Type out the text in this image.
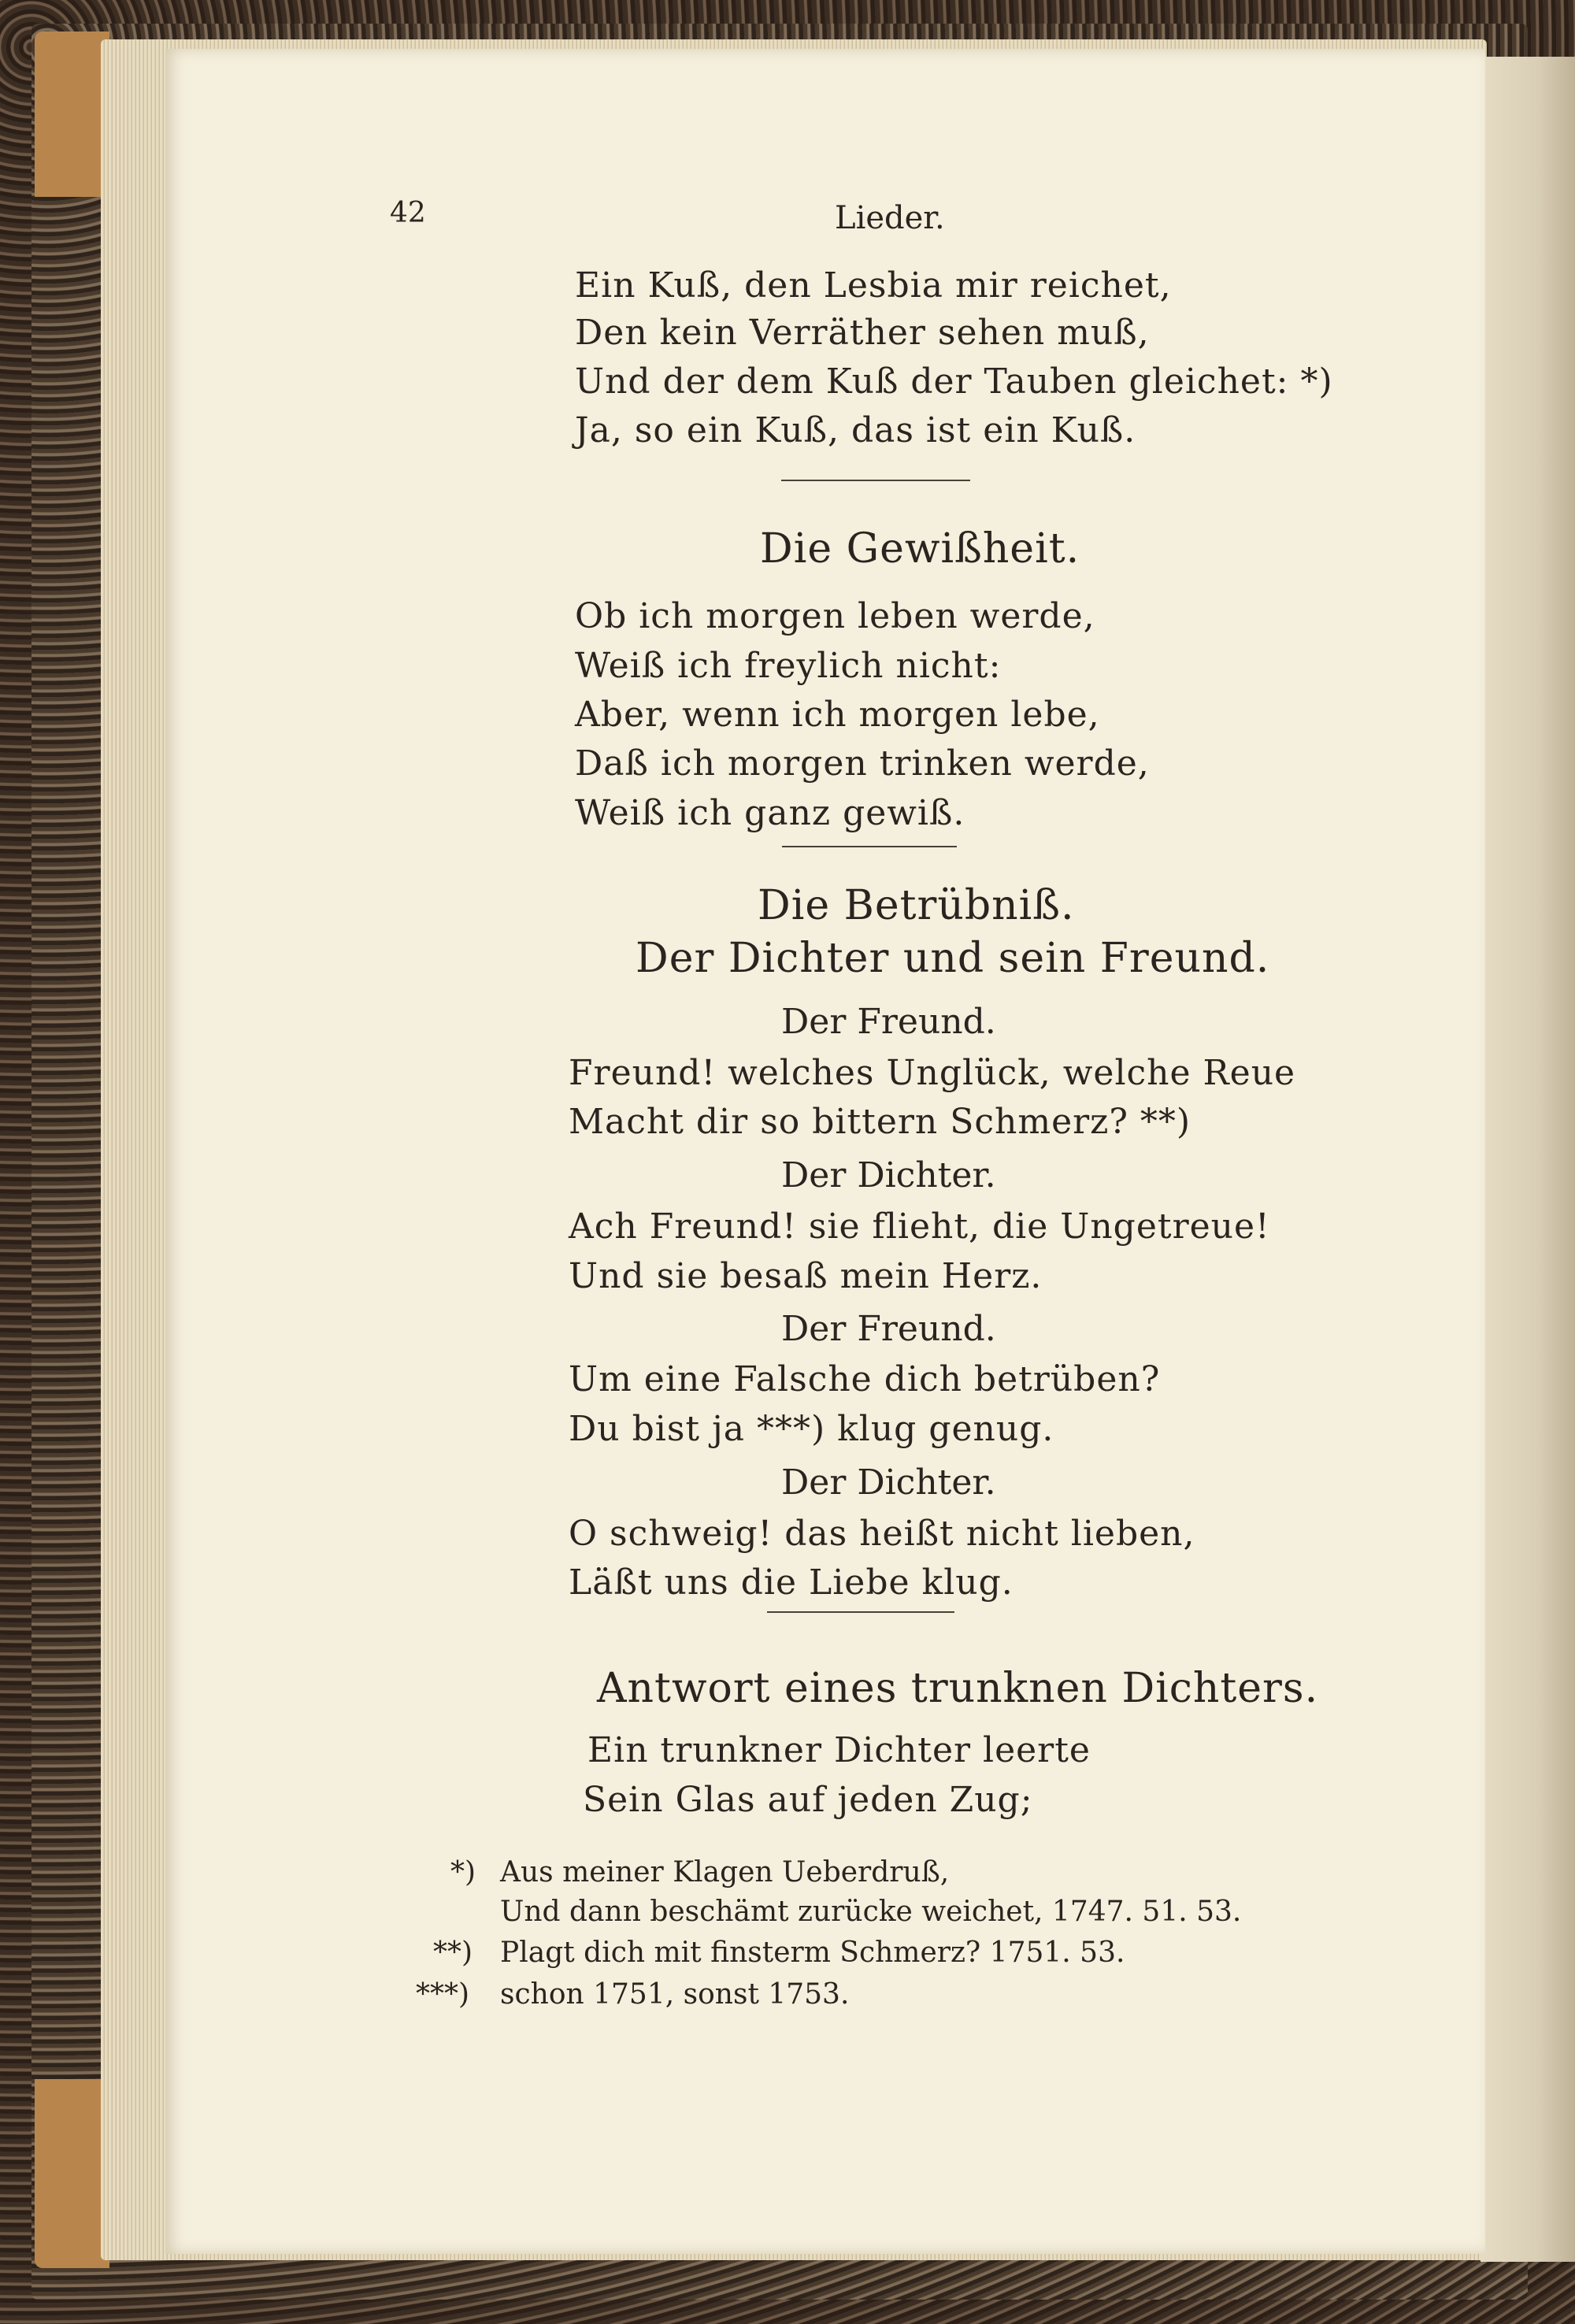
42	Lieder.
Ein Kuß, den Lesbia mir reichet,
Den kein Verräther sehen muß,
Und der dem Kuß der Tauben gleichet: *)
Ja, so ein Kuß, das ist ein Kuß.
Die Gewißheit.
Ob ich morgen leben werde,
Weiß ich freylich nicht:
Aber, wenn ich morgen lebe,
Daß ich morgen trinken werde,
Weiß ich ganz gewiß.
Die Betrübniß.
Der Dichter und sein Freund.
Der Freund.
Freund! welches Unglück, welche Reue
Macht dir so bittern Schmerz? **)
Der Dichter.
Ach Freund! sie flieht, die Ungetreue!
Und sie besaß mein Herz.
Der Freund.
Um eine Falsche dich betrüben?
Du bist ja ***) klug genug.
Der Dichter.
O schweig! das heißt nicht lieben,
Läßt uns die Liebe klug.
Antwort eines trunknen Dichters.
Ein trunkner Dichter leerte
Sein Glas auf jeden Zug;
*) Aus meiner Klagen Ueberdruß,
Und dann beschämt zurücke weichet, 1747. 51. 53.
**) Plagt dich mit finsterm Schmerz? 1751. 53.
***) schon 1751, sonst 1753.
